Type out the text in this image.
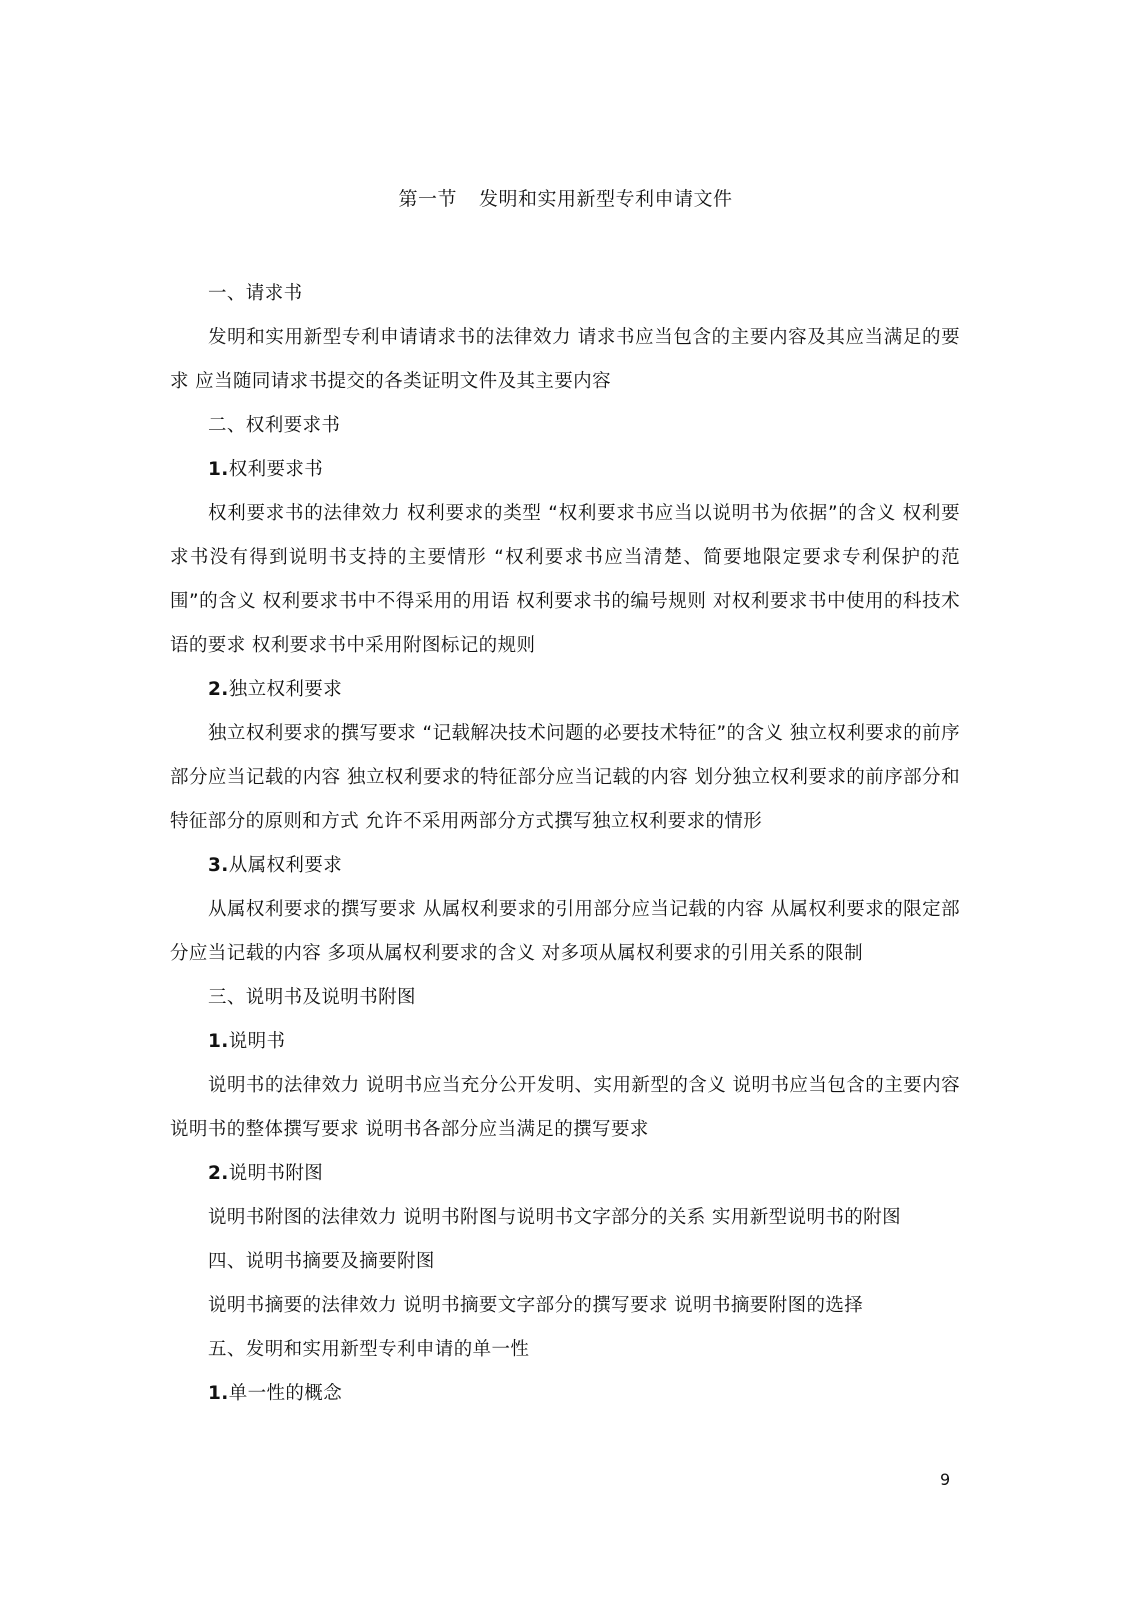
第一节 发明和实用新型专利申请文件

一、请求书

发明和实用新型专利申请请求书的法律效力 请求书应当包含的主要内容及其应当满足的要求 应当随同请求书提交的各类证明文件及其主要内容

二、权利要求书

1.权利要求书

权利要求书的法律效力 权利要求的类型 “权利要求书应当以说明书为依据”的含义 权利要求书没有得到说明书支持的主要情形 “权利要求书应当清楚、简要地限定要求专利保护的范围”的含义 权利要求书中不得采用的用语 权利要求书的编号规则 对权利要求书中使用的科技术语的要求 权利要求书中采用附图标记的规则

2.独立权利要求

独立权利要求的撰写要求 “记载解决技术问题的必要技术特征”的含义 独立权利要求的前序部分应当记载的内容 独立权利要求的特征部分应当记载的内容 划分独立权利要求的前序部分和特征部分的原则和方式 允许不采用两部分方式撰写独立权利要求的情形

3.从属权利要求

从属权利要求的撰写要求 从属权利要求的引用部分应当记载的内容 从属权利要求的限定部分应当记载的内容 多项从属权利要求的含义 对多项从属权利要求的引用关系的限制

三、说明书及说明书附图

1.说明书

说明书的法律效力 说明书应当充分公开发明、实用新型的含义 说明书应当包含的主要内容 说明书的整体撰写要求 说明书各部分应当满足的撰写要求

2.说明书附图

说明书附图的法律效力 说明书附图与说明书文字部分的关系 实用新型说明书的附图

四、说明书摘要及摘要附图

说明书摘要的法律效力 说明书摘要文字部分的撰写要求 说明书摘要附图的选择

五、发明和实用新型专利申请的单一性

1.单一性的概念

9
